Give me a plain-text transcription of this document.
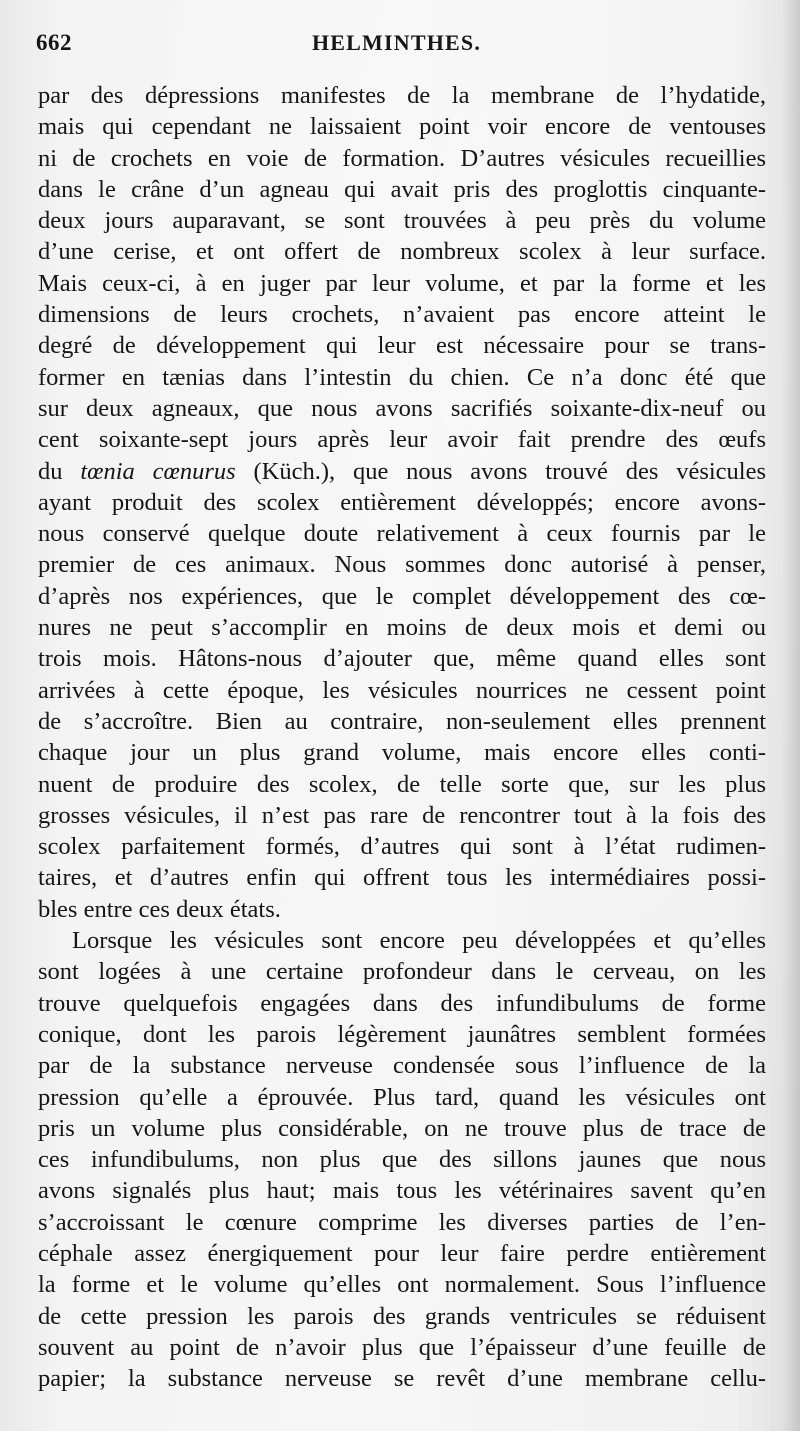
662	HELMINTHES.
par des dépressions manifestes de la membrane de l’hydatide,
mais qui cependant ne laissaient point voir encore de ventouses
ni de crochets en voie de formation. D’autres vésicules recueillies
dans le crâne d’un agneau qui avait pris des proglottis cinquante-
deux jours auparavant, se sont trouvées à peu près du volume
d’une cerise, et ont offert de nombreux scolex à leur surface.
Mais ceux-ci, à en juger par leur volume, et par la forme et les
dimensions de leurs crochets, n’avaient pas encore atteint le
degré de développement qui leur est nécessaire pour se trans-
former en tænias dans l’intestin du chien. Ce n’a donc été que
sur deux agneaux, que nous avons sacrifiés soixante-dix-neuf ou
cent soixante-sept jours après leur avoir fait prendre des œufs
du tœnia cœnurus (Küch.), que nous avons trouvé des vésicules
ayant produit des scolex entièrement développés; encore avons-
nous conservé quelque doute relativement à ceux fournis par le
premier de ces animaux. Nous sommes donc autorisé à penser,
d’après nos expériences, que le complet développement des cœ-
nures ne peut s’accomplir en moins de deux mois et demi ou
trois mois. Hâtons-nous d’ajouter que, même quand elles sont
arrivées à cette époque, les vésicules nourrices ne cessent point
de s’accroître. Bien au contraire, non-seulement elles prennent
chaque jour un plus grand volume, mais encore elles conti-
nuent de produire des scolex, de telle sorte que, sur les plus
grosses vésicules, il n’est pas rare de rencontrer tout à la fois des
scolex parfaitement formés, d’autres qui sont à l’état rudimen-
taires, et d’autres enfin qui offrent tous les intermédiaires possi-
bles entre ces deux états.
Lorsque les vésicules sont encore peu développées et qu’elles
sont logées à une certaine profondeur dans le cerveau, on les
trouve quelquefois engagées dans des infundibulums de forme
conique, dont les parois légèrement jaunâtres semblent formées
par de la substance nerveuse condensée sous l’influence de la
pression qu’elle a éprouvée. Plus tard, quand les vésicules ont
pris un volume plus considérable, on ne trouve plus de trace de
ces infundibulums, non plus que des sillons jaunes que nous
avons signalés plus haut; mais tous les vétérinaires savent qu’en
s’accroissant le cœnure comprime les diverses parties de l’en-
céphale assez énergiquement pour leur faire perdre entièrement
la forme et le volume qu’elles ont normalement. Sous l’influence
de cette pression les parois des grands ventricules se réduisent
souvent au point de n’avoir plus que l’épaisseur d’une feuille de
papier; la substance nerveuse se revêt d’une membrane cellu-
